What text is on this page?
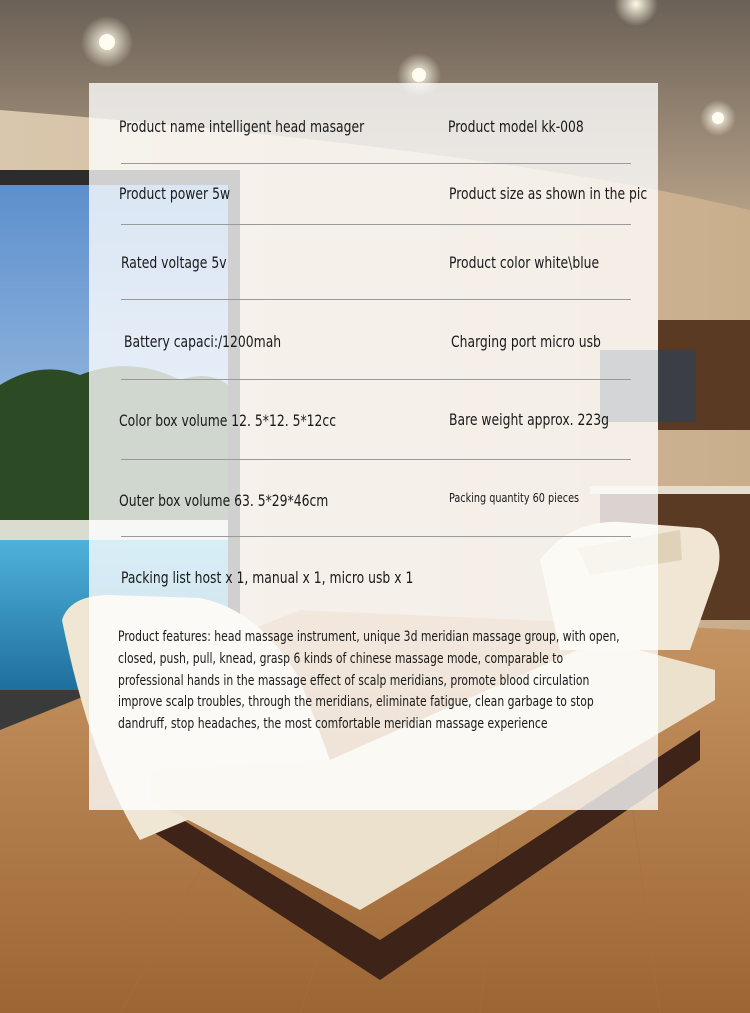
Product name intelligent head masager	Product model kk-008
Product power 5w	Product size as shown in the pic
Rated voltage 5v	Product color white\blue
Battery capaci:/1200mah	Charging port micro usb
Color box volume 12. 5*12. 5*12cc	Bare weight approx. 223g
Outer box volume 63. 5*29*46cm	Packing quantity 60 pieces
Packing list host x 1, manual x 1, micro usb x 1
Product features: head massage instrument, unique 3d meridian massage group, with open, closed, push, pull, knead, grasp 6 kinds of chinese massage mode, comparable to professional hands in the massage effect of scalp meridians, promote blood circulation improve scalp troubles, through the meridians, eliminate fatigue, clean garbage to stop dandruff, stop headaches, the most comfortable meridian massage experience
